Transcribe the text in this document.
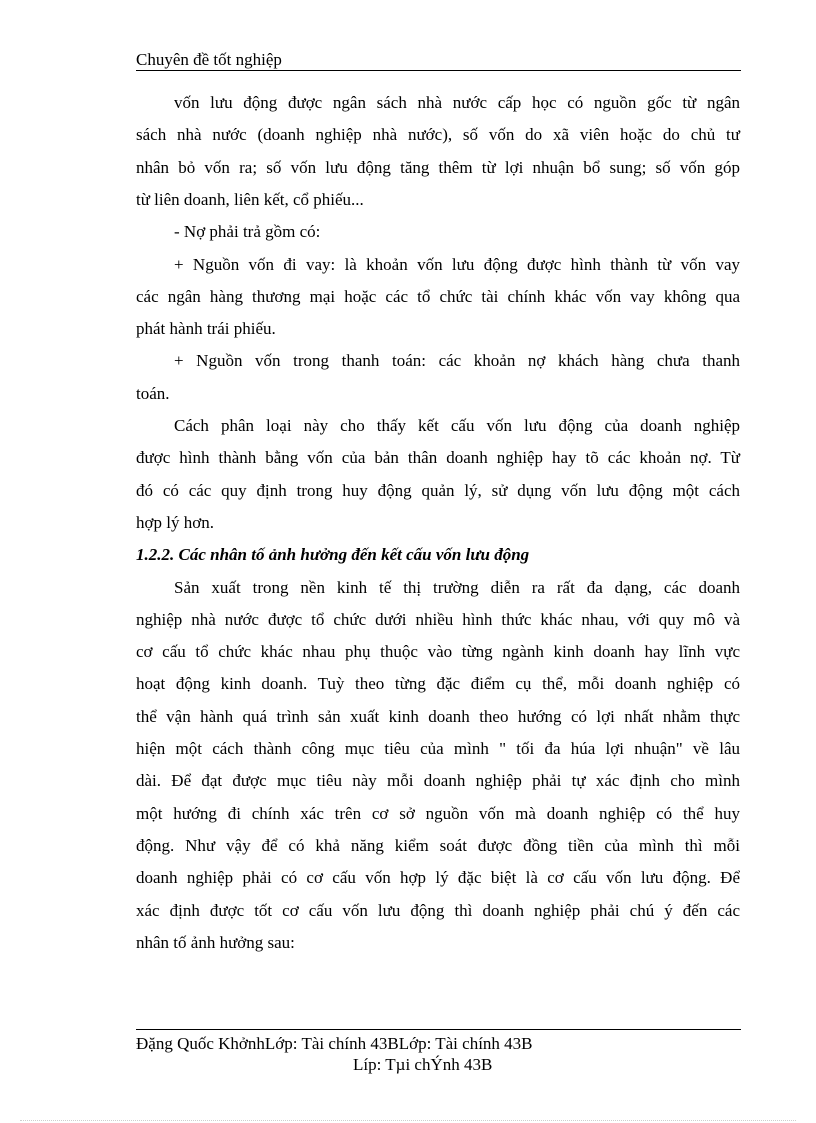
Chuyên đề tốt nghiệp
vốn lưu động được ngân sách nhà nước cấp học có nguồn gốc từ ngân
sách nhà nước (doanh nghiệp nhà nước), số vốn do xã viên hoặc do chủ tư
nhân bỏ vốn ra; số vốn lưu động tăng thêm từ lợi nhuận bổ sung; số vốn góp
từ liên doanh, liên kết, cổ phiếu...
- Nợ phải trả gồm có:
+ Nguồn vốn đi vay: là khoản vốn lưu động được hình thành từ vốn vay
các ngân hàng thương mại hoặc các tổ chức tài chính khác vốn vay không qua
phát hành trái phiếu.
+ Nguồn vốn trong thanh toán: các khoản nợ khách hàng chưa thanh
toán.
Cách phân loại này cho thấy kết cấu vốn lưu động của doanh nghiệp
được hình thành bằng vốn của bản thân doanh nghiệp hay tõ các khoản nợ. Từ
đó có các quy định trong huy động quản lý, sử dụng vốn lưu động một cách
hợp lý hơn.
1.2.2. Các nhân tố ảnh hưởng đến kết cấu vốn lưu động
Sản xuất trong nền kinh tế thị trường diễn ra rất đa dạng, các doanh
nghiệp nhà nước được tổ chức dưới nhiều hình thức khác nhau, với quy mô và
cơ cấu tổ chức khác nhau phụ thuộc vào từng ngành kinh doanh hay lĩnh vực
hoạt động kinh doanh. Tuỳ theo từng đặc điểm cụ thể, mỗi doanh nghiệp có
thể vận hành quá trình sản xuất kinh doanh theo hướng có lợi nhất nhằm thực
hiện một cách thành công mục tiêu của mình " tối đa húa lợi nhuận" về lâu
dài. Để đạt được mục tiêu này mỗi doanh nghiệp phải tự xác định cho mình
một hướng đi chính xác trên cơ sở nguồn vốn mà doanh nghiệp có thể huy
động. Như vậy để có khả năng kiểm soát được đồng tiền của mình thì mỗi
doanh nghiệp phải có cơ cấu vốn hợp lý đặc biệt là cơ cấu vốn lưu động. Để
xác định được tốt cơ cấu vốn lưu động thì doanh nghiệp phải chú ý đến các
nhân tố ảnh hưởng sau:
Đặng Quốc KhởnhLớp: Tài chính 43BLớp: Tài chính 43B
Líp: Tµi chÝnh 43B
